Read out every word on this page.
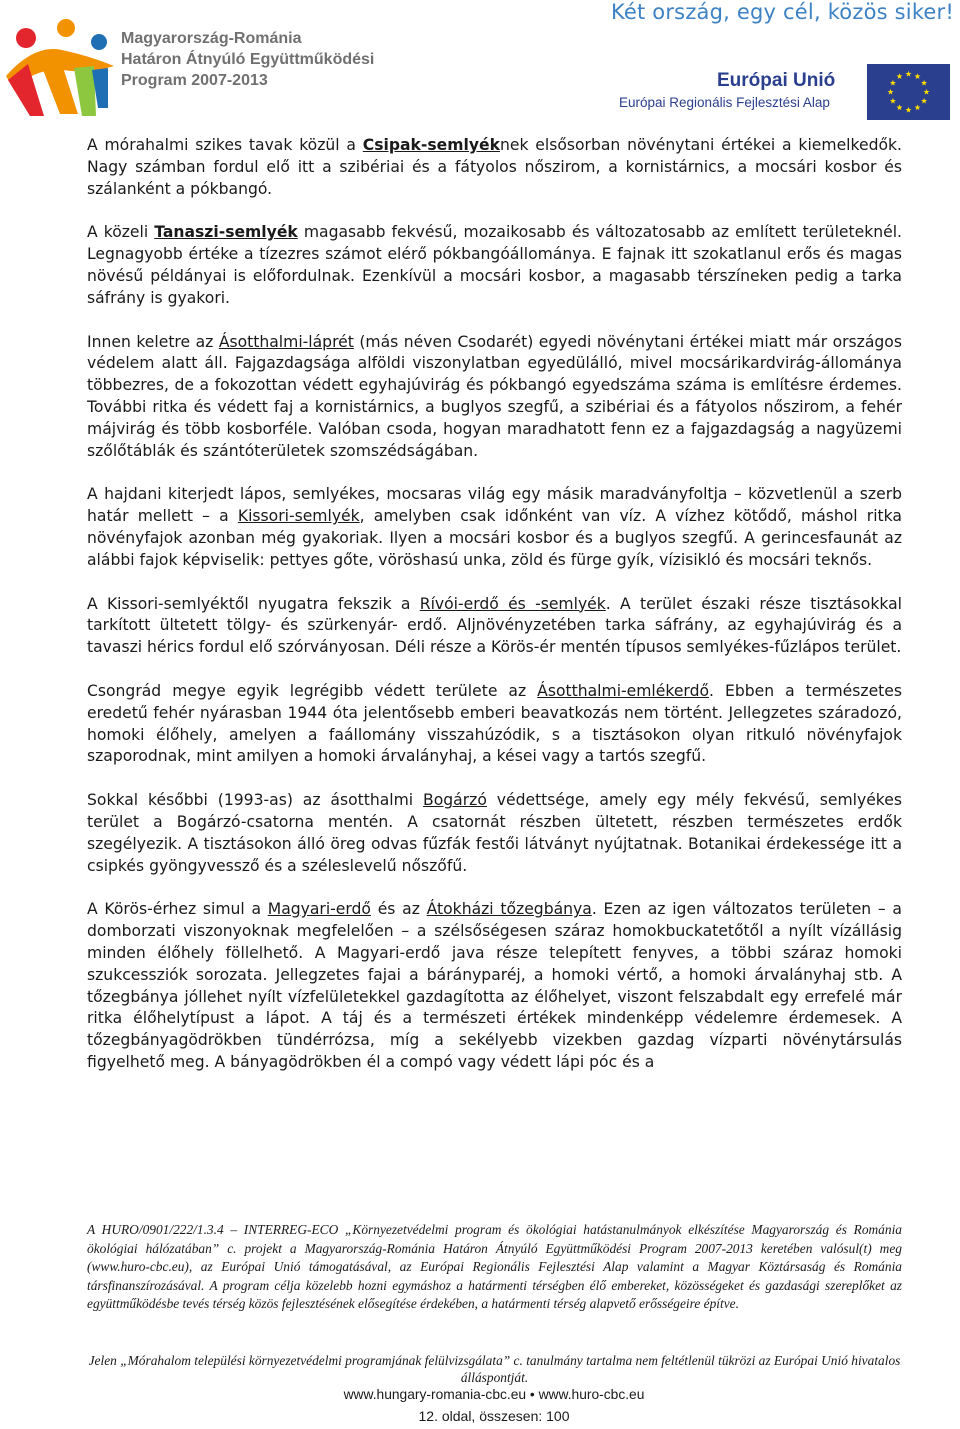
Magyarország-Románia
Határon Átnyúló Együttműködési
Program 2007-2013
Két ország, egy cél, közös siker!
Európai Unió
Európai Regionális Fejlesztési Alap

A mórahalmi szikes tavak közül a Csipak-semlyéknek elsősorban növénytani értékei a kiemelkedők. Nagy számban fordul elő itt a szibériai és a fátyolos nőszirom, a kornistárnics, a mocsári kosbor és szálanként a pókbangó.

A közeli Tanaszi-semlyék magasabb fekvésű, mozaikosabb és változatosabb az említett területeknél. Legnagyobb értéke a tízezres számot elérő pókbangóállománya. E fajnak itt szokatlanul erős és magas növésű példányai is előfordulnak. Ezenkívül a mocsári kosbor, a magasabb térszíneken pedig a tarka sáfrány is gyakori.

Innen keletre az Ásotthalmi-láprét (más néven Csodarét) egyedi növénytani értékei miatt már országos védelem alatt áll. Fajgazdagsága alföldi viszonylatban egyedülálló, mivel mocsárikardvirág-állománya többezres, de a fokozottan védett egyhajúvirág és pókbangó egyedszáma száma is említésre érdemes. További ritka és védett faj a kornistárnics, a buglyos szegfű, a szibériai és a fátyolos nőszirom, a fehér májvirág és több kosborféle. Valóban csoda, hogyan maradhatott fenn ez a fajgazdagság a nagyüzemi szőlőtáblák és szántóterületek szomszédságában.

A hajdani kiterjedt lápos, semlyékes, mocsaras világ egy másik maradványfoltja – közvetlenül a szerb határ mellett – a Kissori-semlyék, amelyben csak időnként van víz. A vízhez kötődő, máshol ritka növényfajok azonban még gyakoriak. Ilyen a mocsári kosbor és a buglyos szegfű. A gerincesfaunát az alábbi fajok képviselik: pettyes gőte, vöröshasú unka, zöld és fürge gyík, vízisikló és mocsári teknős.

A Kissori-semlyéktől nyugatra fekszik a Rívói-erdő és -semlyék. A terület északi része tisztásokkal tarkított ültetett tölgy- és szürkenyár- erdő. Aljnövényzetében tarka sáfrány, az egyhajúvirág és a tavaszi hérics fordul elő szórványosan. Déli része a Körös-ér mentén típusos semlyékes-fűzlápos terület.

Csongrád megye egyik legrégibb védett területe az Ásotthalmi-emlékerdő. Ebben a természetes eredetű fehér nyárasban 1944 óta jelentősebb emberi beavatkozás nem történt. Jellegzetes száradozó, homoki élőhely, amelyen a faállomány visszahúzódik, s a tisztásokon olyan ritkuló növényfajok szaporodnak, mint amilyen a homoki árvalányhaj, a kései vagy a tartós szegfű.

Sokkal későbbi (1993-as) az ásotthalmi Bogárzó védettsége, amely egy mély fekvésű, semlyékes terület a Bogárzó-csatorna mentén. A csatornát részben ültetett, részben természetes erdők szegélyezik. A tisztásokon álló öreg odvas fűzfák festői látványt nyújtatnak. Botanikai érdekessége itt a csipkés gyöngyvessző és a széleslevelű nőszőfű.

A Körös-érhez simul a Magyari-erdő és az Átokházi tőzegbánya. Ezen az igen változatos területen – a domborzati viszonyoknak megfelelően – a szélsőségesen száraz homokbuckatetőtől a nyílt vízállásig minden élőhely föllelhető. A Magyari-erdő java része telepített fenyves, a többi száraz homoki szukcessziók sorozata. Jellegzetes fajai a bárányparéj, a homoki vértő, a homoki árvalányhaj stb. A tőzegbánya jóllehet nyílt vízfelületekkel gazdagította az élőhelyet, viszont felszabdalt egy errefelé már ritka élőhelytípust a lápot. A táj és a természeti értékek mindenképp védelemre érdemesek. A tőzegbányagödrökben tündérrózsa, míg a sekélyebb vizekben gazdag vízparti növénytársulás figyelhető meg. A bányagödrökben él a compó vagy védett lápi póc és a

A HURO/0901/222/1.3.4 – INTERREG-ECO „Környezetvédelmi program és ökológiai hatástanulmányok elkészítése Magyarország és Románia ökológiai hálózatában” c. projekt a Magyarország-Románia Határon Átnyúló Együttműködési Program 2007-2013 keretében valósul(t) meg (www.huro-cbc.eu), az Európai Unió támogatásával, az Európai Regionális Fejlesztési Alap valamint a Magyar Köztársaság és Románia társfinanszírozásával. A program célja közelebb hozni egymáshoz a határmenti térségben élő embereket, közösségeket és gazdasági szereplőket az együttműködésbe tevés térség közös fejlesztésének elősegítése érdekében, a határmenti térség alapvető erősségeire építve.
Jelen „Mórahalom települési környezetvédelmi programjának felülvizsgálata” c. tanulmány tartalma nem feltétlenül tükrözi az Európai Unió hivatalos álláspontját.
www.hungary-romania-cbc.eu • www.huro-cbc.eu
12. oldal, összesen: 100
